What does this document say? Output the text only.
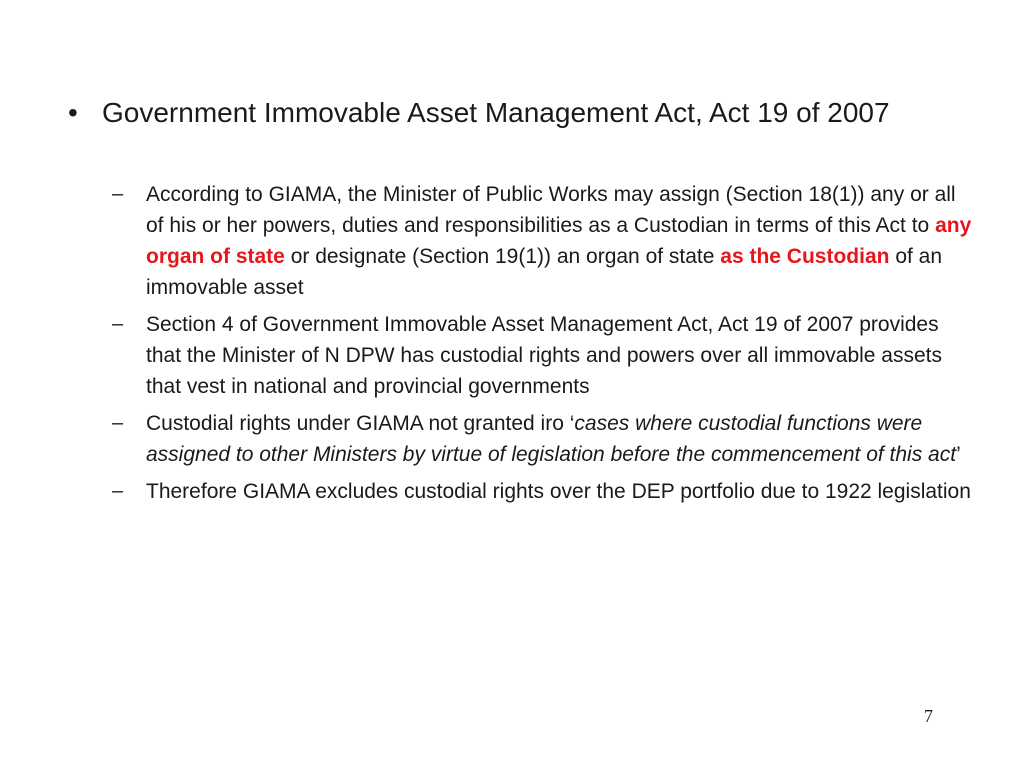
• Government Immovable Asset Management Act, Act 19 of 2007
–	According to GIAMA, the Minister of Public Works may assign (Section 18(1)) any or all of his or her powers, duties and responsibilities as a Custodian in terms of this Act to any organ of state or designate (Section 19(1)) an organ of state as the Custodian of an immovable asset
–	Section 4 of Government Immovable Asset Management Act, Act 19 of 2007 provides that the Minister of N DPW has custodial rights and powers over all immovable assets that vest in national and provincial governments
–	Custodial rights under GIAMA not granted iro ‘cases where custodial functions were assigned to other Ministers by virtue of legislation before the commencement of this act’
–	Therefore GIAMA excludes custodial rights over the DEP portfolio due to 1922 legislation
7
